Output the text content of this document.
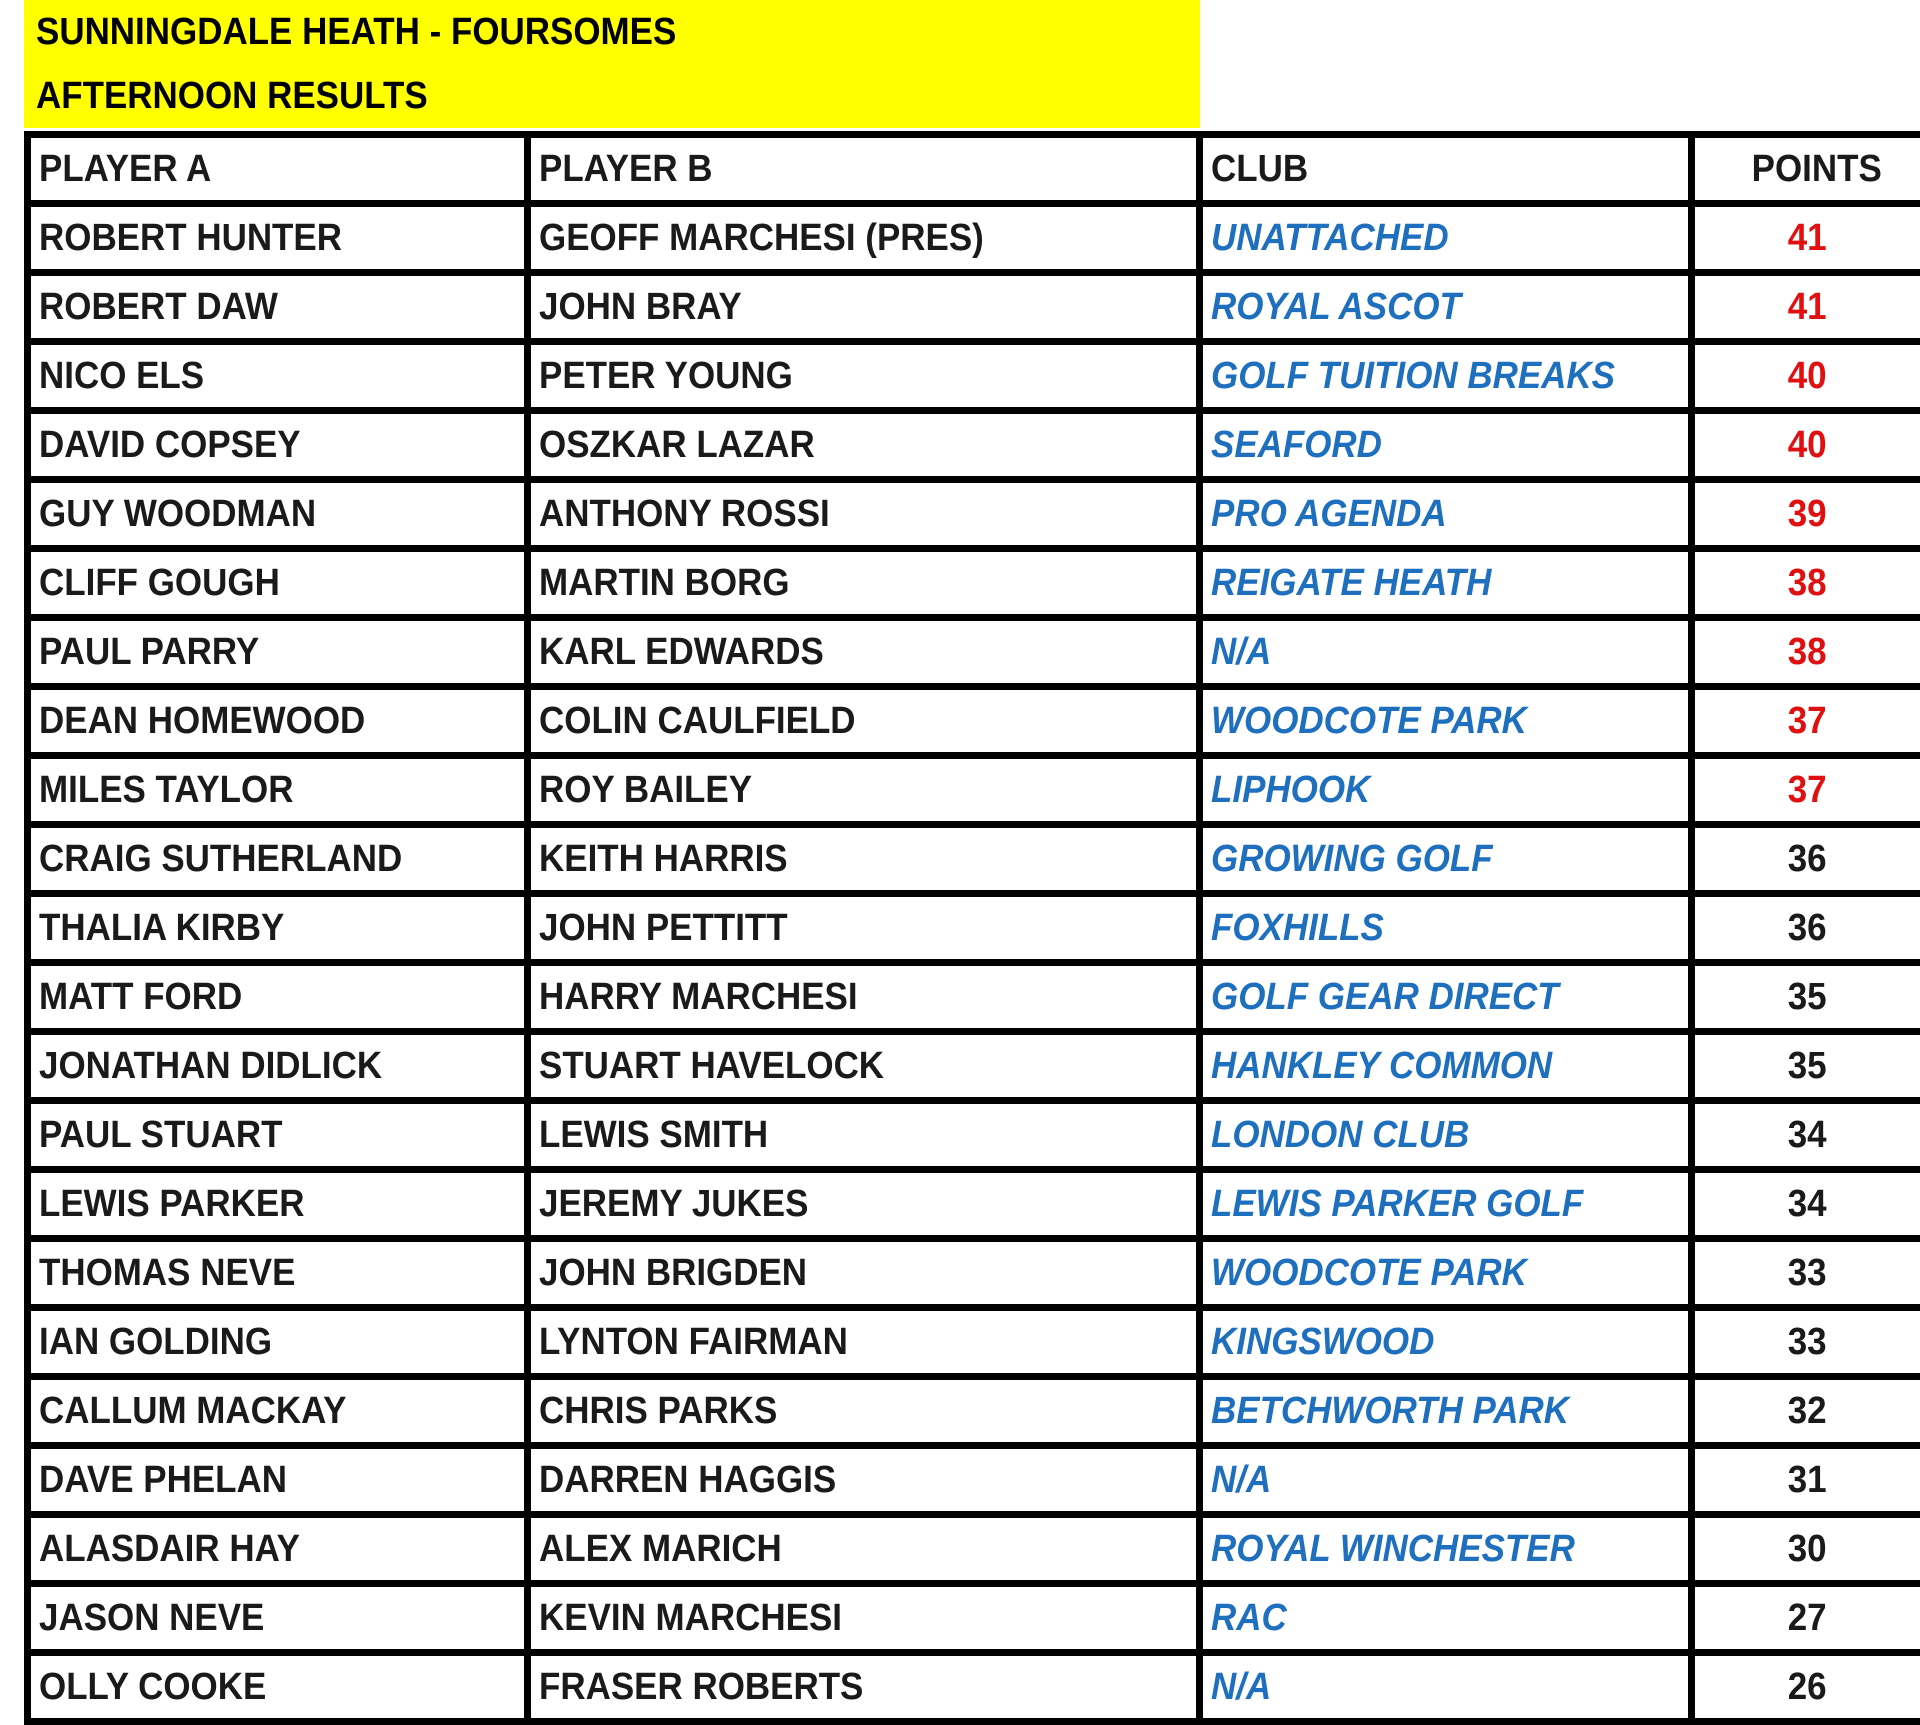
SUNNINGDALE HEATH - FOURSOMES
AFTERNOON RESULTS
PLAYER A	PLAYER B	CLUB	POINTS
ROBERT HUNTER	GEOFF MARCHESI (PRES)	UNATTACHED	41
ROBERT DAW	JOHN BRAY	ROYAL ASCOT	41
NICO ELS	PETER YOUNG	GOLF TUITION BREAKS	40
DAVID COPSEY	OSZKAR LAZAR	SEAFORD	40
GUY WOODMAN	ANTHONY ROSSI	PRO AGENDA	39
CLIFF GOUGH	MARTIN BORG	REIGATE HEATH	38
PAUL PARRY	KARL EDWARDS	N/A	38
DEAN HOMEWOOD	COLIN CAULFIELD	WOODCOTE PARK	37
MILES TAYLOR	ROY BAILEY	LIPHOOK	37
CRAIG SUTHERLAND	KEITH HARRIS	GROWING GOLF	36
THALIA KIRBY	JOHN PETTITT	FOXHILLS	36
MATT FORD	HARRY MARCHESI	GOLF GEAR DIRECT	35
JONATHAN DIDLICK	STUART HAVELOCK	HANKLEY COMMON	35
PAUL STUART	LEWIS SMITH	LONDON CLUB	34
LEWIS PARKER	JEREMY JUKES	LEWIS PARKER GOLF	34
THOMAS NEVE	JOHN BRIGDEN	WOODCOTE PARK	33
IAN GOLDING	LYNTON FAIRMAN	KINGSWOOD	33
CALLUM MACKAY	CHRIS PARKS	BETCHWORTH PARK	32
DAVE PHELAN	DARREN HAGGIS	N/A	31
ALASDAIR HAY	ALEX MARICH	ROYAL WINCHESTER	30
JASON NEVE	KEVIN MARCHESI	RAC	27
OLLY COOKE	FRASER ROBERTS	N/A	26
